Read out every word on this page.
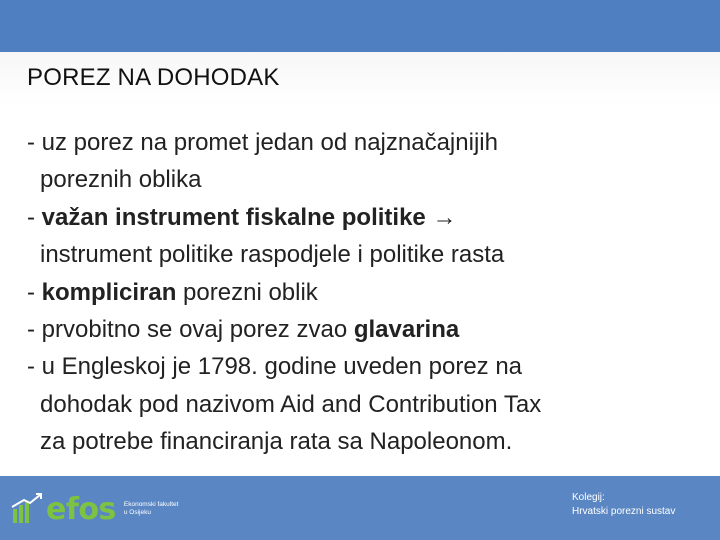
POREZ NA DOHODAK
- uz porez na promet jedan od najznačajnijih
poreznih oblika
- važan instrument fiskalne politike →
instrument politike raspodjele i politike rasta
- kompliciran porezni oblik
- prvobitno se ovaj porez zvao glavarina
- u Engleskoj je 1798. godine uveden porez na
dohodak pod nazivom Aid and Contribution Tax
za potrebe financiranja rata sa Napoleonom.
efos Ekonomski fakultet
u Osijeku
Kolegij:
Hrvatski porezni sustav
